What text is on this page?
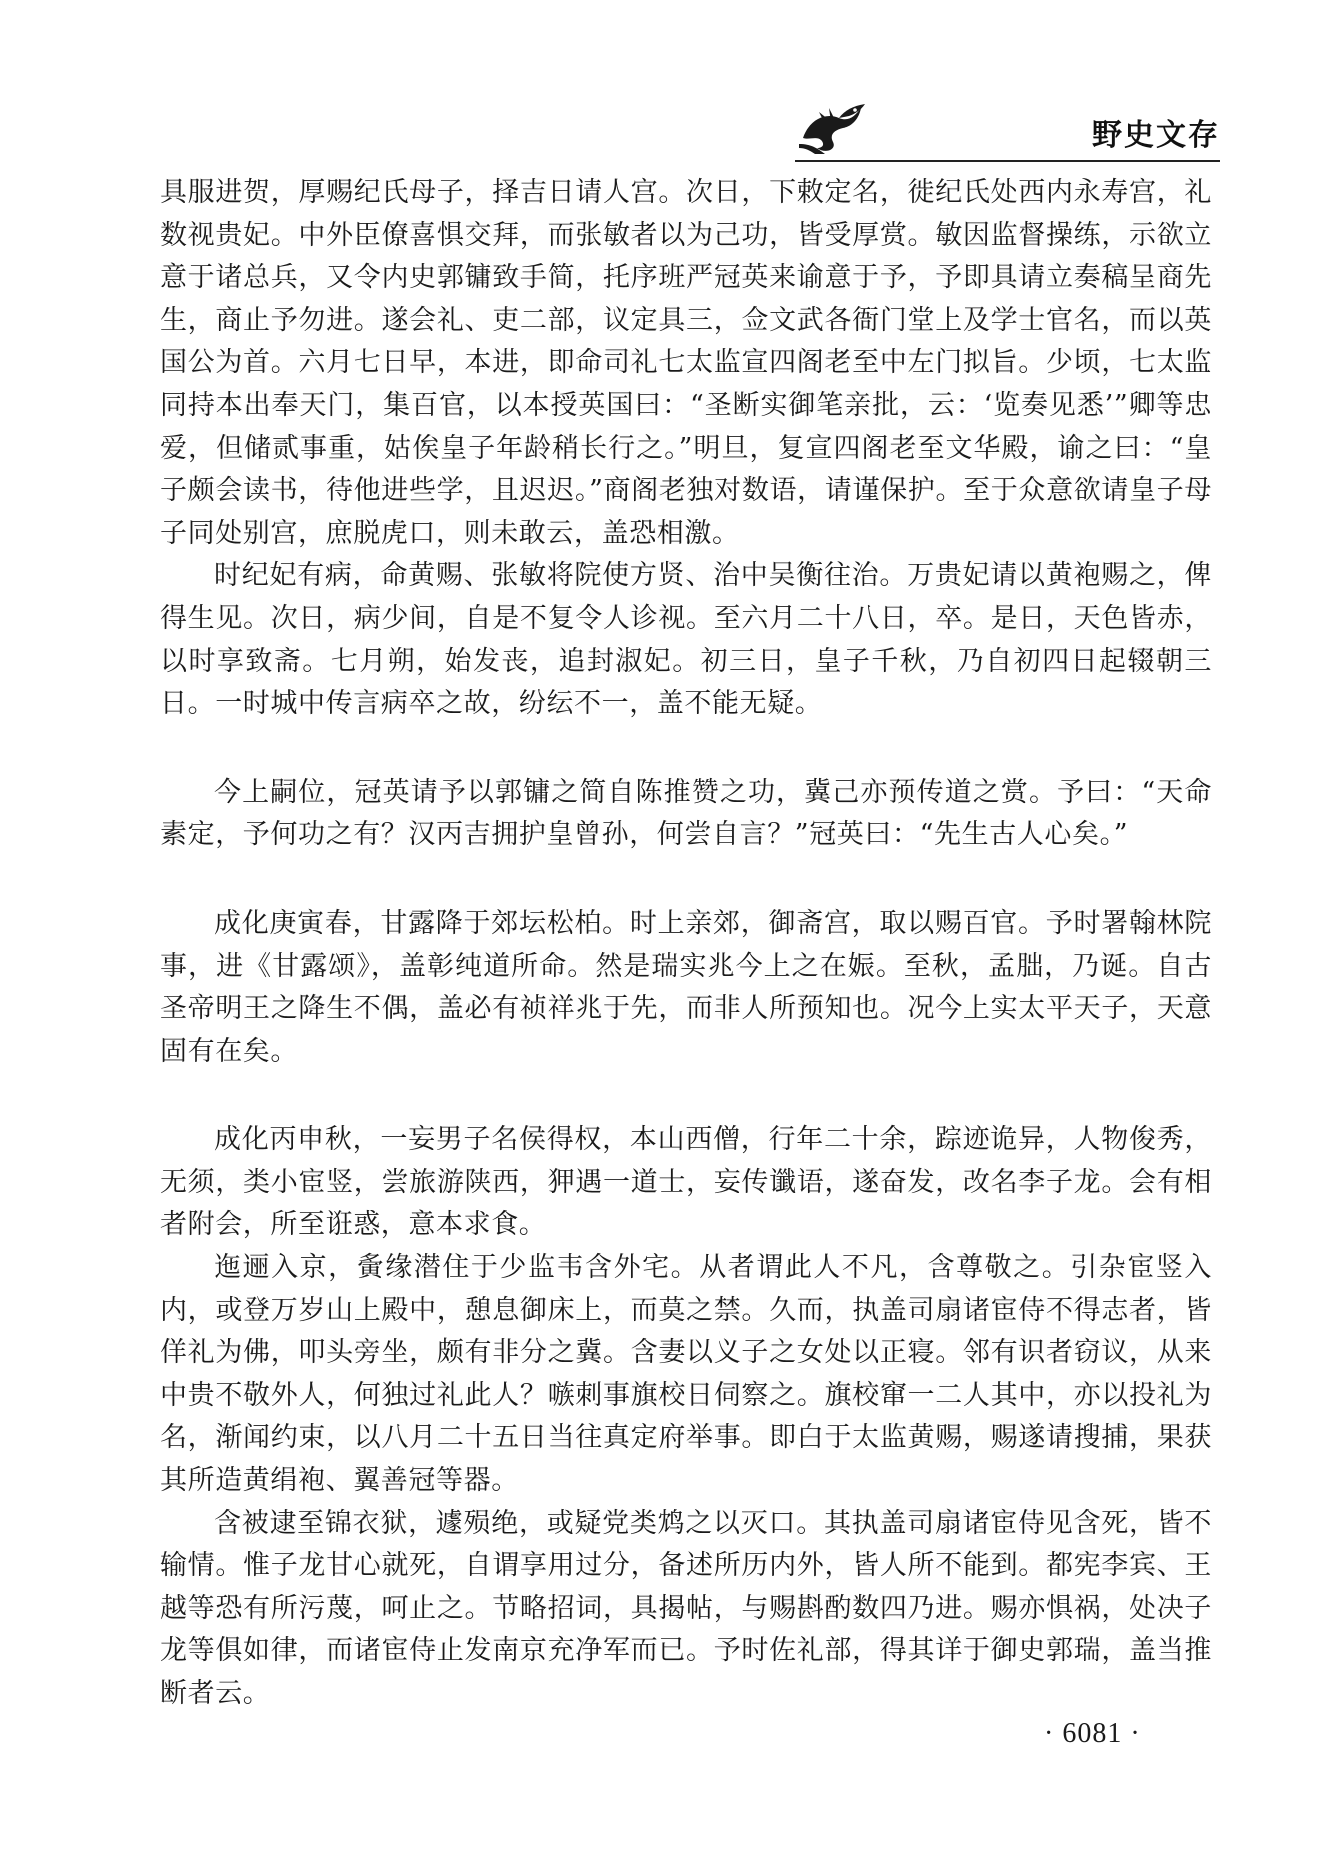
野史文存

具服进贺，厚赐纪氏母子，择吉日请人宫。次日，下敕定名，徙纪氏处西内永寿宫，礼数视贵妃。中外臣僚喜惧交拜，而张敏者以为己功，皆受厚赏。敏因监督操练，示欲立意于诸总兵，又令内史郭镛致手简，托序班严冠英来谕意于予，予即具请立奏稿呈商先生，商止予勿进。遂会礼、吏二部，议定具三，佥文武各衙门堂上及学士官名，而以英国公为首。六月七日早，本进，即命司礼七太监宣四阁老至中左门拟旨。少顷，七太监同持本出奉天门，集百官，以本授英国曰：“圣断实御笔亲批，云：‘览奏见悉’”卿等忠爱，但储贰事重，姑俟皇子年龄稍长行之。”明旦，复宣四阁老至文华殿，谕之曰：“皇子颇会读书，待他进些学，且迟迟。”商阁老独对数语，请谨保护。至于众意欲请皇子母子同处别宫，庶脱虎口，则未敢云，盖恐相激。

时纪妃有病，命黄赐、张敏将院使方贤、治中吴衡往治。万贵妃请以黄袍赐之，俾得生见。次日，病少间，自是不复令人诊视。至六月二十八日，卒。是日，天色皆赤，以时享致斋。七月朔，始发丧，追封淑妃。初三日，皇子千秋，乃自初四日起辍朝三日。一时城中传言病卒之故，纷纭不一，盖不能无疑。

今上嗣位，冠英请予以郭镛之简自陈推赞之功，冀己亦预传道之赏。予曰：“天命素定，予何功之有？汉丙吉拥护皇曾孙，何尝自言？”冠英曰：“先生古人心矣。”

成化庚寅春，甘露降于郊坛松柏。时上亲郊，御斋宫，取以赐百官。予时署翰林院事，进《甘露颂》，盖彰纯道所命。然是瑞实兆今上之在娠。至秋，孟朏，乃诞。自古圣帝明王之降生不偶，盖必有祯祥兆于先，而非人所预知也。况今上实太平天子，天意固有在矣。

成化丙申秋，一妄男子名侯得权，本山西僧，行年二十余，踪迹诡异，人物俊秀，无须，类小宦竖，尝旅游陕西，狎遇一道士，妄传谶语，遂奋发，改名李子龙。会有相者附会，所至诳惑，意本求食。

迤逦入京，夤缘潜住于少监韦含外宅。从者谓此人不凡，含尊敬之。引杂宦竖入内，或登万岁山上殿中，憩息御床上，而莫之禁。久而，执盖司扇诸宦侍不得志者，皆佯礼为佛，叩头旁坐，颇有非分之冀。含妻以义子之女处以正寝。邻有识者窃议，从来中贵不敬外人，何独过礼此人？嗾刺事旗校日伺察之。旗校窜一二人其中，亦以投礼为名，渐闻约束，以八月二十五日当往真定府举事。即白于太监黄赐，赐遂请搜捕，果获其所造黄绢袍、翼善冠等器。

含被逮至锦衣狱，遽殒绝，或疑党类鸩之以灭口。其执盖司扇诸宦侍见含死，皆不输情。惟子龙甘心就死，自谓享用过分，备述所历内外，皆人所不能到。都宪李宾、王越等恐有所污蔑，呵止之。节略招词，具揭帖，与赐斟酌数四乃进。赐亦惧祸，处决子龙等俱如律，而诸宦侍止发南京充净军而已。予时佐礼部，得其详于御史郭瑞，盖当推断者云。

· 6081 ·
